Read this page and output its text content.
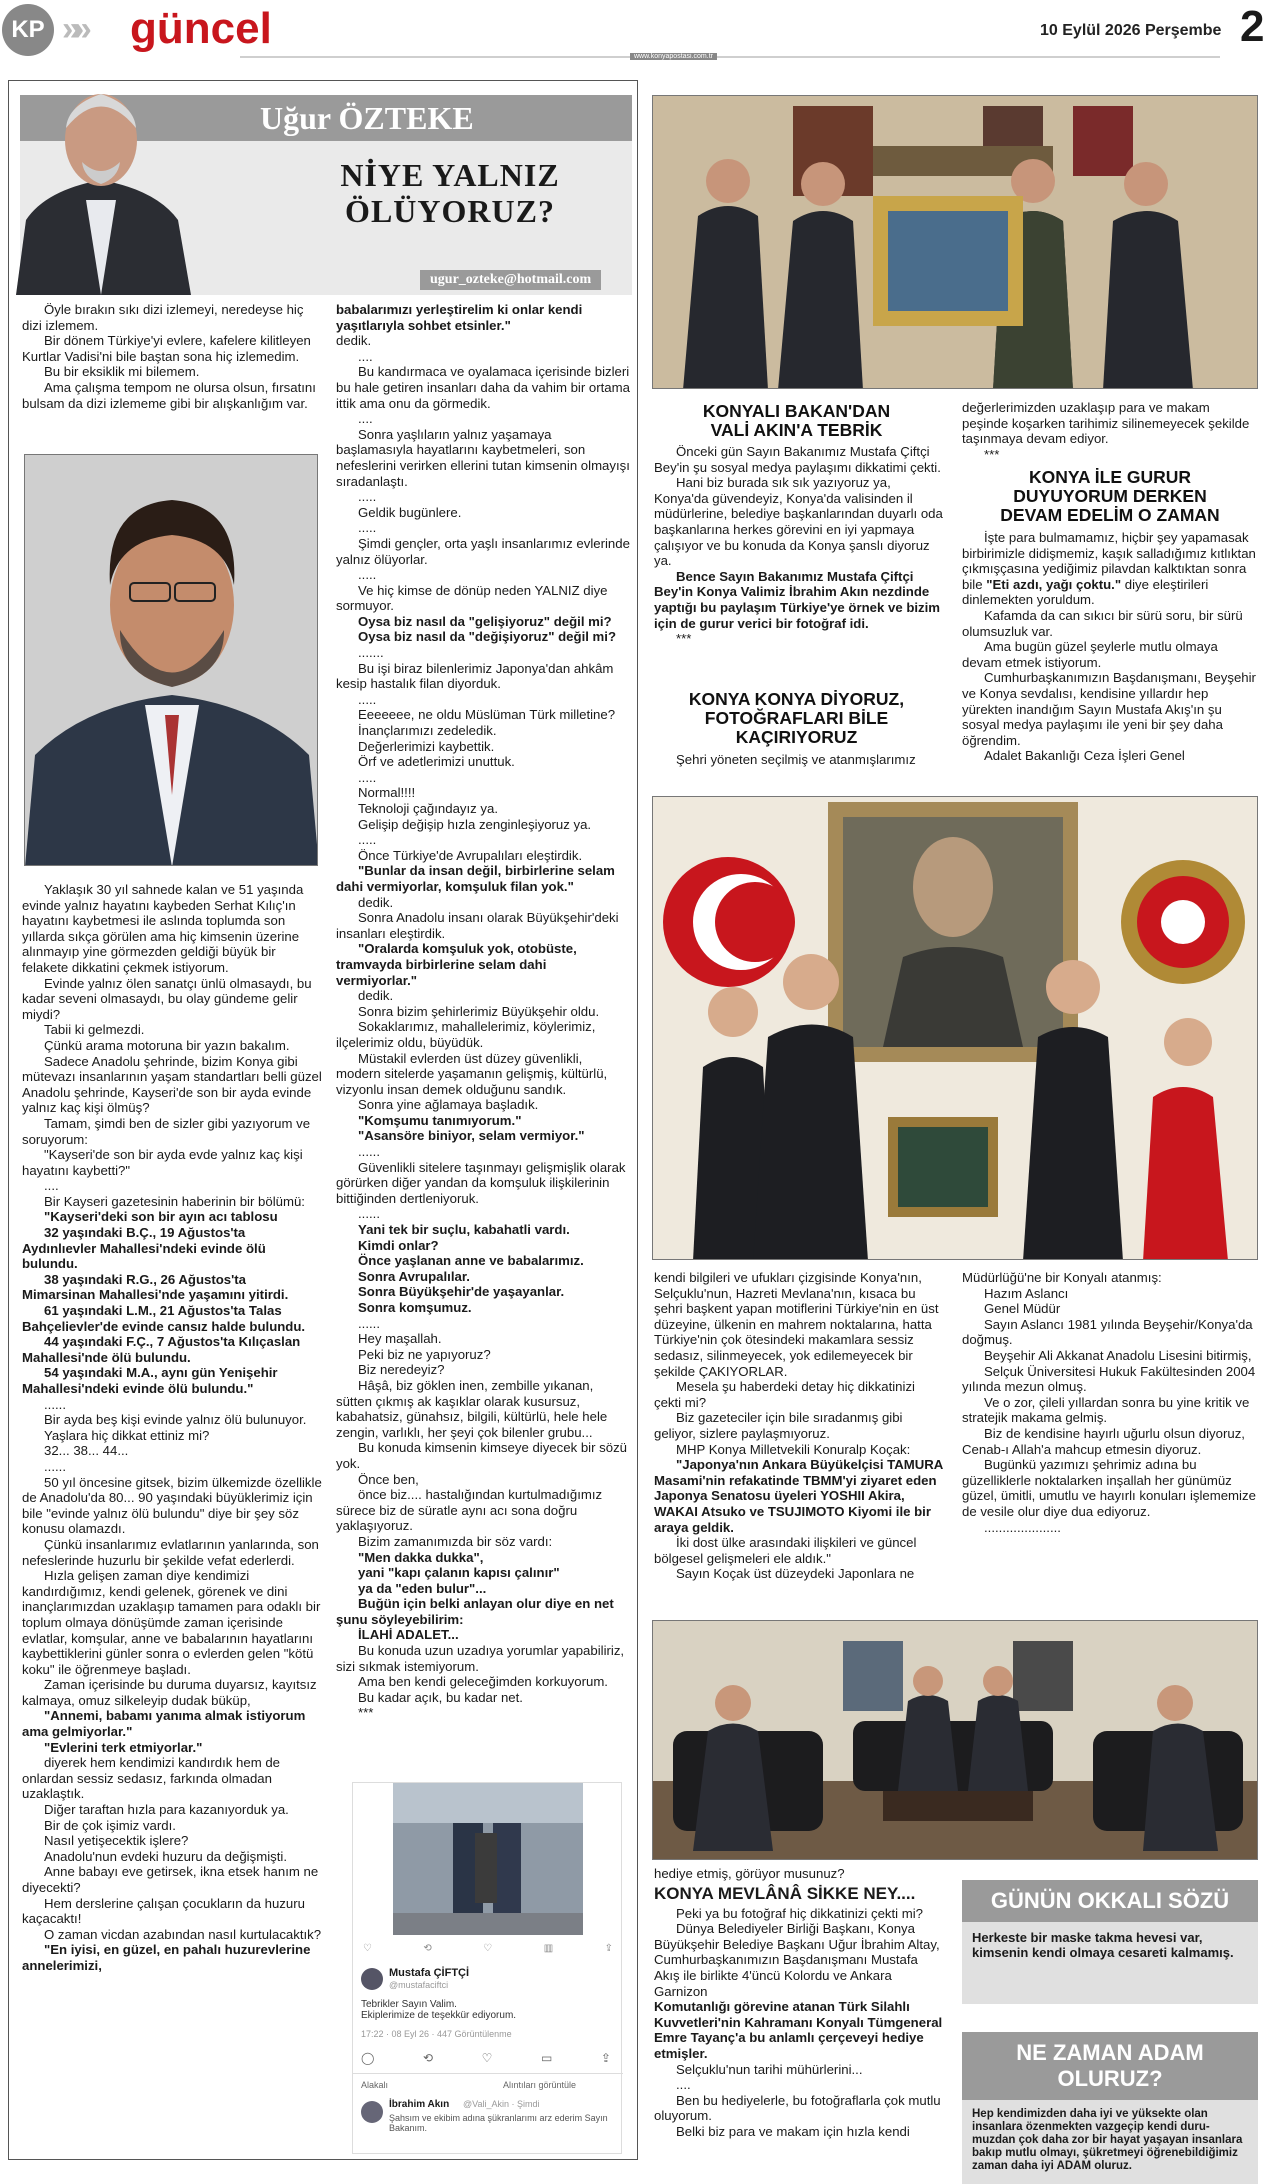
KP »» güncel
www.konyapostasi.com.tr
10 Eylül 2026 Perşembe 2
Uğur ÖZTEKE
NİYE YALNIZ
ÖLÜYORUZ?
ugur_ozteke@hotmail.com

Öyle bırakın sıkı dizi izlemeyi, neredeyse hiç dizi izlemem.

Bir dönem Türkiye'yi evlere, kafelere kilitleyen Kurtlar Vadisi'ni bile baştan sona hiç izlemedim.

Bu bir eksiklik mi bilemem.

Ama çalışma tempom ne olursa olsun, fırsatını bulsam da dizi izlememe gibi bir alışkanlığım var.

Yaklaşık 30 yıl sahnede kalan ve 51 yaşında evinde yalnız hayatını kaybeden Serhat Kılıç'ın hayatını kaybetmesi ile aslında toplumda son yıllarda sıkça görülen ama hiç kimsenin üzerine alınmayıp yine görmezden geldiği büyük bir felakete dikkatini çekmek istiyorum.

Evinde yalnız ölen sanatçı ünlü olmasaydı, bu kadar seveni olmasaydı, bu olay gündeme gelir miydi?

Tabii ki gelmezdi.

Çünkü arama motoruna bir yazın bakalım.

Sadece Anadolu şehrinde, bizim Konya gibi mütevazı insanlarının yaşam standartları belli güzel Anadolu şehrinde, Kayseri'de son bir ayda evinde yalnız kaç kişi ölmüş?

Tamam, şimdi ben de sizler gibi yazıyorum ve soruyorum:

"Kayseri'de son bir ayda evde yalnız kaç kişi hayatını kaybetti?"

....

Bir Kayseri gazetesinin haberinin bir bölümü:

"Kayseri'deki son bir ayın acı tablosu

32 yaşındaki B.Ç., 19 Ağustos'ta Aydınlıevler Mahallesi'ndeki evinde ölü bulundu.

38 yaşındaki R.G., 26 Ağustos'ta Mimarsinan Mahallesi'nde yaşamını yitirdi.

61 yaşındaki L.M., 21 Ağustos'ta Talas Bahçelievler'de evinde cansız halde bulundu.

44 yaşındaki F.Ç., 7 Ağustos'ta Kılıçaslan Mahallesi'nde ölü bulundu.

54 yaşındaki M.A., aynı gün Yenişehir Mahallesi'ndeki evinde ölü bulundu."

......

Bir ayda beş kişi evinde yalnız ölü bulunuyor.

Yaşlara hiç dikkat ettiniz mi?

32... 38... 44...

......

50 yıl öncesine gitsek, bizim ülkemizde özellikle de Anadolu'da 80... 90 yaşındaki büyüklerimiz için bile "evinde yalnız ölü bulundu" diye bir şey söz konusu olamazdı.

Çünkü insanlarımız evlatlarının yanlarında, son nefeslerinde huzurlu bir şekilde vefat ederlerdi.

Hızla gelişen zaman diye kendimizi kandırdığımız, kendi gelenek, görenek ve dini inançlarımızdan uzaklaşıp tamamen para odaklı bir toplum olmaya dönüşümde zaman içerisinde evlatlar, komşular, anne ve babalarının hayatlarını kaybettiklerini günler sonra o evlerden gelen "kötü koku" ile öğrenmeye başladı.

Zaman içerisinde bu duruma duyarsız, kayıtsız kalmaya, omuz silkeleyip dudak büküp,

"Annemi, babamı yanıma almak istiyorum ama gelmiyorlar."

"Evlerini terk etmiyorlar."

diyerek hem kendimizi kandırdık hem de onlardan sessiz sedasız, farkında olmadan uzaklaştık.

Diğer taraftan hızla para kazanıyorduk ya.

Bir de çok işimiz vardı.

Nasıl yetişecektik işlere?

Anadolu'nun evdeki huzuru da değişmişti.

Anne babayı eve getirsek, ikna etsek hanım ne diyecekti?

Hem derslerine çalışan çocukların da huzuru kaçacaktı!

O zaman vicdan azabından nasıl kurtulacaktık?

"En iyisi, en güzel, en pahalı huzurevlerine annelerimizi,

babalarımızı yerleştirelim ki onlar kendi yaşıtlarıyla sohbet etsinler."

dedik.

....

Bu kandırmaca ve oyalamaca içerisinde bizleri bu hale getiren insanları daha da vahim bir ortama ittik ama onu da görmedik.

....

Sonra yaşlıların yalnız yaşamaya başlamasıyla hayatlarını kaybetmeleri, son nefeslerini verirken ellerini tutan kimsenin olmayışı sıradanlaştı.

.....

Geldik bugünlere.

.....

Şimdi gençler, orta yaşlı insanlarımız evlerinde yalnız ölüyorlar.

.....

Ve hiç kimse de dönüp neden YALNIZ diye sormuyor.

Oysa biz nasıl da "gelişiyoruz" değil mi?

Oysa biz nasıl da "değişiyoruz" değil mi?

.......

Bu işi biraz bilenlerimiz Japonya'dan ahkâm kesip hastalık filan diyorduk.

.....

Eeeeeee, ne oldu Müslüman Türk milletine?

İnançlarımızı zedeledik.

Değerlerimizi kaybettik.

Örf ve adetlerimizi unuttuk.

.....

Normal!!!!

Teknoloji çağındayız ya.

Gelişip değişip hızla zenginleşiyoruz ya.

.....

Önce Türkiye'de Avrupalıları eleştirdik.

"Bunlar da insan değil, birbirlerine selam dahi vermiyorlar, komşuluk filan yok."

dedik.

Sonra Anadolu insanı olarak Büyükşehir'deki insanları eleştirdik.

"Oralarda komşuluk yok, otobüste, tramvayda birbirlerine selam dahi vermiyorlar."

dedik.

Sonra bizim şehirlerimiz Büyükşehir oldu.

Sokaklarımız, mahallelerimiz, köylerimiz, ilçelerimiz oldu, büyüdük.

Müstakil evlerden üst düzey güvenlikli, modern sitelerde yaşamanın gelişmiş, kültürlü, vizyonlu insan demek olduğunu sandık.

Sonra yine ağlamaya başladık.

"Komşumu tanımıyorum."

"Asansöre biniyor, selam vermiyor."

......

Güvenlikli sitelere taşınmayı gelişmişlik olarak görürken diğer yandan da komşuluk ilişkilerinin bittiğinden dertleniyoruk.

......

Yani tek bir suçlu, kabahatli vardı.

Kimdi onlar?

Önce yaşlanan anne ve babalarımız.

Sonra Avrupalılar.

Sonra Büyükşehir'de yaşayanlar.

Sonra komşumuz.

......

Hey maşallah.

Peki biz ne yapıyoruz?

Biz neredeyiz?

Hâşâ, biz göklen inen, zembille yıkanan, sütten çıkmış ak kaşıklar olarak kusursuz, kabahatsiz, günahsız, bilgili, kültürlü, hele hele zengin, varlıklı, her şeyi çok bilenler grubu...

Bu konuda kimsenin kimseye diyecek bir sözü yok.

Önce ben,

önce biz.... hastalığından kurtulmadığımız sürece biz de süratle aynı acı sona doğru yaklaşıyoruz.

Bizim zamanımızda bir söz vardı:

"Men dakka dukka",

yani "kapı çalanın kapısı çalınır"

ya da "eden bulur"...

Buğün için belki anlayan olur diye en net şunu söyleyebilirim:

İLAHİ ADALET...

Bu konuda uzun uzadıya yorumlar yapabiliriz, sizi sıkmak istemiyorum.

Ama ben kendi geleceğimden korkuyorum.

Bu kadar açık, bu kadar net.

***

♡	⟲	♡	▥	⇪
Mustafa ÇİFTÇİ
@mustafaciftci
Tebrikler Sayın Valim.
Ekiplerimize de teşekkür ediyorum.
17:22 · 08 Eyl 26 · 447 Görüntülenme
◯	⟲	♡	▭	⇪
Alakalı	Alıntıları görüntüle
İbrahim Akın @Vali_Akin · Şimdi
Şahsım ve ekibim adına şükranlarımı arz ederim Sayın Bakanım.
KONYALI BAKAN'DAN
VALİ AKIN'A TEBRİK

Önceki gün Sayın Bakanımız Mustafa Çiftçi Bey'in şu sosyal medya paylaşımı dikkatimi çekti.

Hani biz burada sık sık yazıyoruz ya, Konya'da güvendeyiz, Konya'da valisinden il müdürlerine, belediye başkanlarından duyarlı oda başkanlarına herkes görevini en iyi yapmaya çalışıyor ve bu konuda da Konya şanslı diyoruz ya.

Bence Sayın Bakanımız Mustafa Çiftçi Bey'in Konya Valimiz İbrahim Akın nezdinde yaptığı bu paylaşım Türkiye'ye örnek ve bizim için de gurur verici bir fotoğraf idi.

***

KONYA KONYA DİYORUZ,
FOTOĞRAFLARI BİLE
KAÇIRIYORUZ

Şehri yöneten seçilmiş ve atanmışlarımız

değerlerimizden uzaklaşıp para ve makam peşinde koşarken tarihimiz silinemeyecek şekilde taşınmaya devam ediyor.

***

KONYA İLE GURUR
DUYUYORUM DERKEN
DEVAM EDELİM O ZAMAN

İşte para bulmamamız, hiçbir şey yapamasak birbirimizle didişmemiz, kaşık salladığımız kıtlıktan çıkmışçasına yediğimiz pilavdan kalktıktan sonra bile "Eti azdı, yağı çoktu." diye eleştirileri dinlemekten yoruldum.

Kafamda da can sıkıcı bir sürü soru, bir sürü olumsuzluk var.

Ama bugün güzel şeylerle mutlu olmaya devam etmek istiyorum.

Cumhurbaşkanımızın Başdanışmanı, Beyşehir ve Konya sevdalısı, kendisine yıllardır hep yürekten inandığım Sayın Mustafa Akış'ın şu sosyal medya paylaşımı ile yeni bir şey daha öğrendim.

Adalet Bakanlığı Ceza İşleri Genel

kendi bilgileri ve ufukları çizgisinde Konya'nın, Selçuklu'nun, Hazreti Mevlana'nın, kısaca bu şehri başkent yapan motiflerini Türkiye'nin en üst düzeyine, ülkenin en mahrem noktalarına, hatta Türkiye'nin çok ötesindeki makamlara sessiz sedasız, silinmeyecek, yok edilemeyecek bir şekilde ÇAKIYORLAR.

Mesela şu haberdeki detay hiç dikkatinizi çekti mi?

Biz gazeteciler için bile sıradanmış gibi geliyor, sizlere paylaşmıyoruz.

MHP Konya Milletvekili Konuralp Koçak:

"Japonya'nın Ankara Büyükelçisi TAMURA Masami'nin refakatinde TBMM'yi ziyaret eden Japonya Senatosu üyeleri YOSHII Akira, WAKAI Atsuko ve TSUJIMOTO Kiyomi ile bir araya geldik.

İki dost ülke arasındaki ilişkileri ve güncel bölgesel gelişmeleri ele aldık."

Sayın Koçak üst düzeydeki Japonlara ne

Müdürlüğü'ne bir Konyalı atanmış:

Hazım Aslancı

Genel Müdür

Sayın Aslancı 1981 yılında Beyşehir/Konya'da doğmuş.

Beyşehir Ali Akkanat Anadolu Lisesini bitirmiş,

Selçuk Üniversitesi Hukuk Fakültesinden 2004 yılında mezun olmuş.

Ve o zor, çileli yıllardan sonra bu yine kritik ve stratejik makama gelmiş.

Biz de kendisine hayırlı uğurlu olsun diyoruz, Cenab-ı Allah'a mahcup etmesin diyoruz.

Bugünkü yazımızı şehrimiz adına bu güzelliklerle noktalarken inşallah her günümüz güzel, ümitli, umutlu ve hayırlı konuları işlememize de vesile olur diye dua ediyoruz.

.....................

hediye etmiş, görüyor musunuz?

KONYA MEVLÂNÂ SİKKE NEY....

Peki ya bu fotoğraf hiç dikkatinizi çekti mi?

Dünya Belediyeler Birliği Başkanı, Konya Büyükşehir Belediye Başkanı Uğur İbrahim Altay, Cumhurbaşkanımızın Başdanışmanı Mustafa Akış ile birlikte 4'üncü Kolordu ve Ankara Garnizon

Komutanlığı görevine atanan Türk Silahlı Kuvvetleri'nin Kahramanı Konyalı Tümgeneral Emre Tayanç'a bu anlamlı çerçeveyi hediye etmişler.

Selçuklu'nun tarihi mühürlerini...

....

Ben bu hediyelerle, bu fotoğraflarla çok mutlu oluyorum.

Belki biz para ve makam için hızla kendi

GÜNÜN OKKALI SÖZÜ
Herkeste bir maske takma hevesi var, kimsenin kendi olmaya cesareti kalmamış.
NE ZAMAN ADAM OLURUZ?
Hep kendimizden daha iyi ve yüksekte olan insanlara özenmekten vazgeçip kendi duru-muzdan çok daha zor bir hayat yaşayan insanlara bakıp mutlu olmayı, şükretmeyi öğrenebildiğimiz zaman daha iyi ADAM oluruz.
